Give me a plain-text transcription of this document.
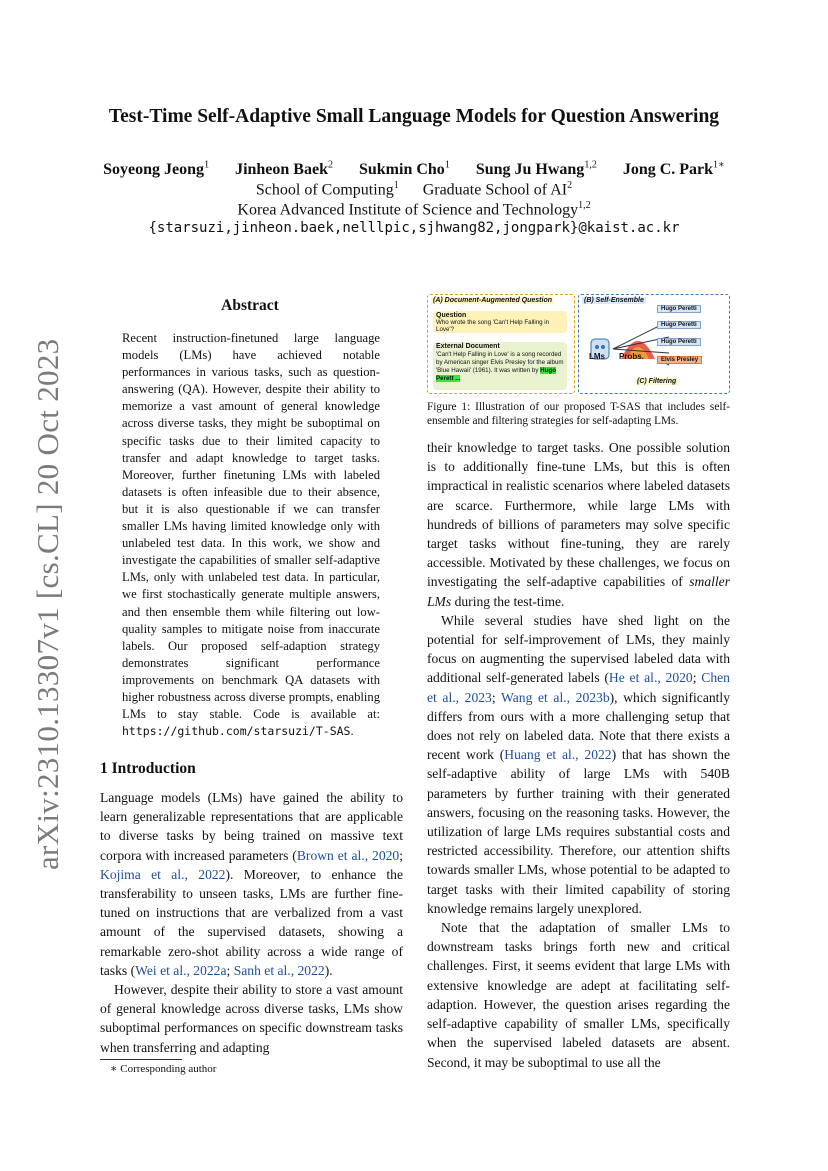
Test-Time Self-Adaptive Small Language Models for Question Answering
Soyeong Jeong$^1$ Jinheon Baek$^2$ Sukmin Cho$^1$ Sung Ju Hwang$^{1,2}$ Jong C. Park$^{1∗}$
School of Computing$^1$ Graduate School of $AI^2$
Korea Advanced Institute of Science and Technology$^{1,2}$
{starsuzi,jinheon.baek,nelllpic,sjhwang82,jongpark}@kaist.ac.kr
arXiv:2310.13307v1 [cs.CL] 20 Oct 2023
Abstract
Recent instruction-finetuned large language models (LMs) have achieved notable performances in various tasks, such as question-answering (QA). However, despite their ability to memorize a vast amount of general knowledge across diverse tasks, they might be suboptimal on specific tasks due to their limited capacity to transfer and adapt knowledge to target tasks. Moreover, further finetuning LMs with labeled datasets is often infeasible due to their absence, but it is also questionable if we can transfer smaller LMs having limited knowledge only with unlabeled test data. In this work, we show and investigate the capabilities of smaller self-adaptive LMs, only with unlabeled test data. In particular, we first stochastically generate multiple answers, and then ensemble them while filtering out low-quality samples to mitigate noise from inaccurate labels. Our proposed self-adaption strategy demonstrates significant performance improvements on benchmark QA datasets with higher robustness across diverse prompts, enabling LMs to stay stable. Code is available at: https://github.com/starsuzi/T-SAS.
1 Introduction

Language models (LMs) have gained the ability to learn generalizable representations that are applicable to diverse tasks by being trained on massive text corpora with increased parameters (Brown et al., 2020; Kojima et al., 2022). Moreover, to enhance the transferability to unseen tasks, LMs are further fine-tuned on instructions that are verbalized from a vast amount of the supervised datasets, showing a remarkable zero-shot ability across a wide range of tasks (Wei et al., 2022a; Sanh et al., 2022).

However, despite their ability to store a vast amount of general knowledge across diverse tasks, LMs show suboptimal performances on specific downstream tasks when transferring and adapting

∗ Corresponding author
(A) Document-Augmented Question
Question
Who wrote the song 'Can't Help Falling in Love'?
External Document
'Can't Help Falling in Love' is a song recorded by American singer Elvis Presley for the album 'Blue Hawaii' (1961). It was written by Hugo Perett ...
(B) Self-Ensemble
Hugo Peretti
Hugo Peretti
Hugo Peretti
Elvis Presley
LMs Probs.
(C) Filtering
Figure 1: Illustration of our proposed T-SAS that includes self-ensemble and filtering strategies for self-adapting LMs.

their knowledge to target tasks. One possible solution is to additionally fine-tune LMs, but this is often impractical in realistic scenarios where labeled datasets are scarce. Furthermore, while large LMs with hundreds of billions of parameters may solve specific target tasks without fine-tuning, they are rarely accessible. Motivated by these challenges, we focus on investigating the self-adaptive capabilities of smaller LMs during the test-time.

While several studies have shed light on the potential for self-improvement of LMs, they mainly focus on augmenting the supervised labeled data with additional self-generated labels (He et al., 2020; Chen et al., 2023; Wang et al., 2023b), which significantly differs from ours with a more challenging setup that does not rely on labeled data. Note that there exists a recent work (Huang et al., 2022) that has shown the self-adaptive ability of large LMs with 540B parameters by further training with their generated answers, focusing on the reasoning tasks. However, the utilization of large LMs requires substantial costs and restricted accessibility. Therefore, our attention shifts towards smaller LMs, whose potential to be adapted to target tasks with their limited capability of storing knowledge remains largely unexplored.

Note that the adaptation of smaller LMs to downstream tasks brings forth new and critical challenges. First, it seems evident that large LMs with extensive knowledge are adept at facilitating self-adaption. However, the question arises regarding the self-adaptive capability of smaller LMs, specifically when the supervised labeled datasets are absent. Second, it may be suboptimal to use all the
